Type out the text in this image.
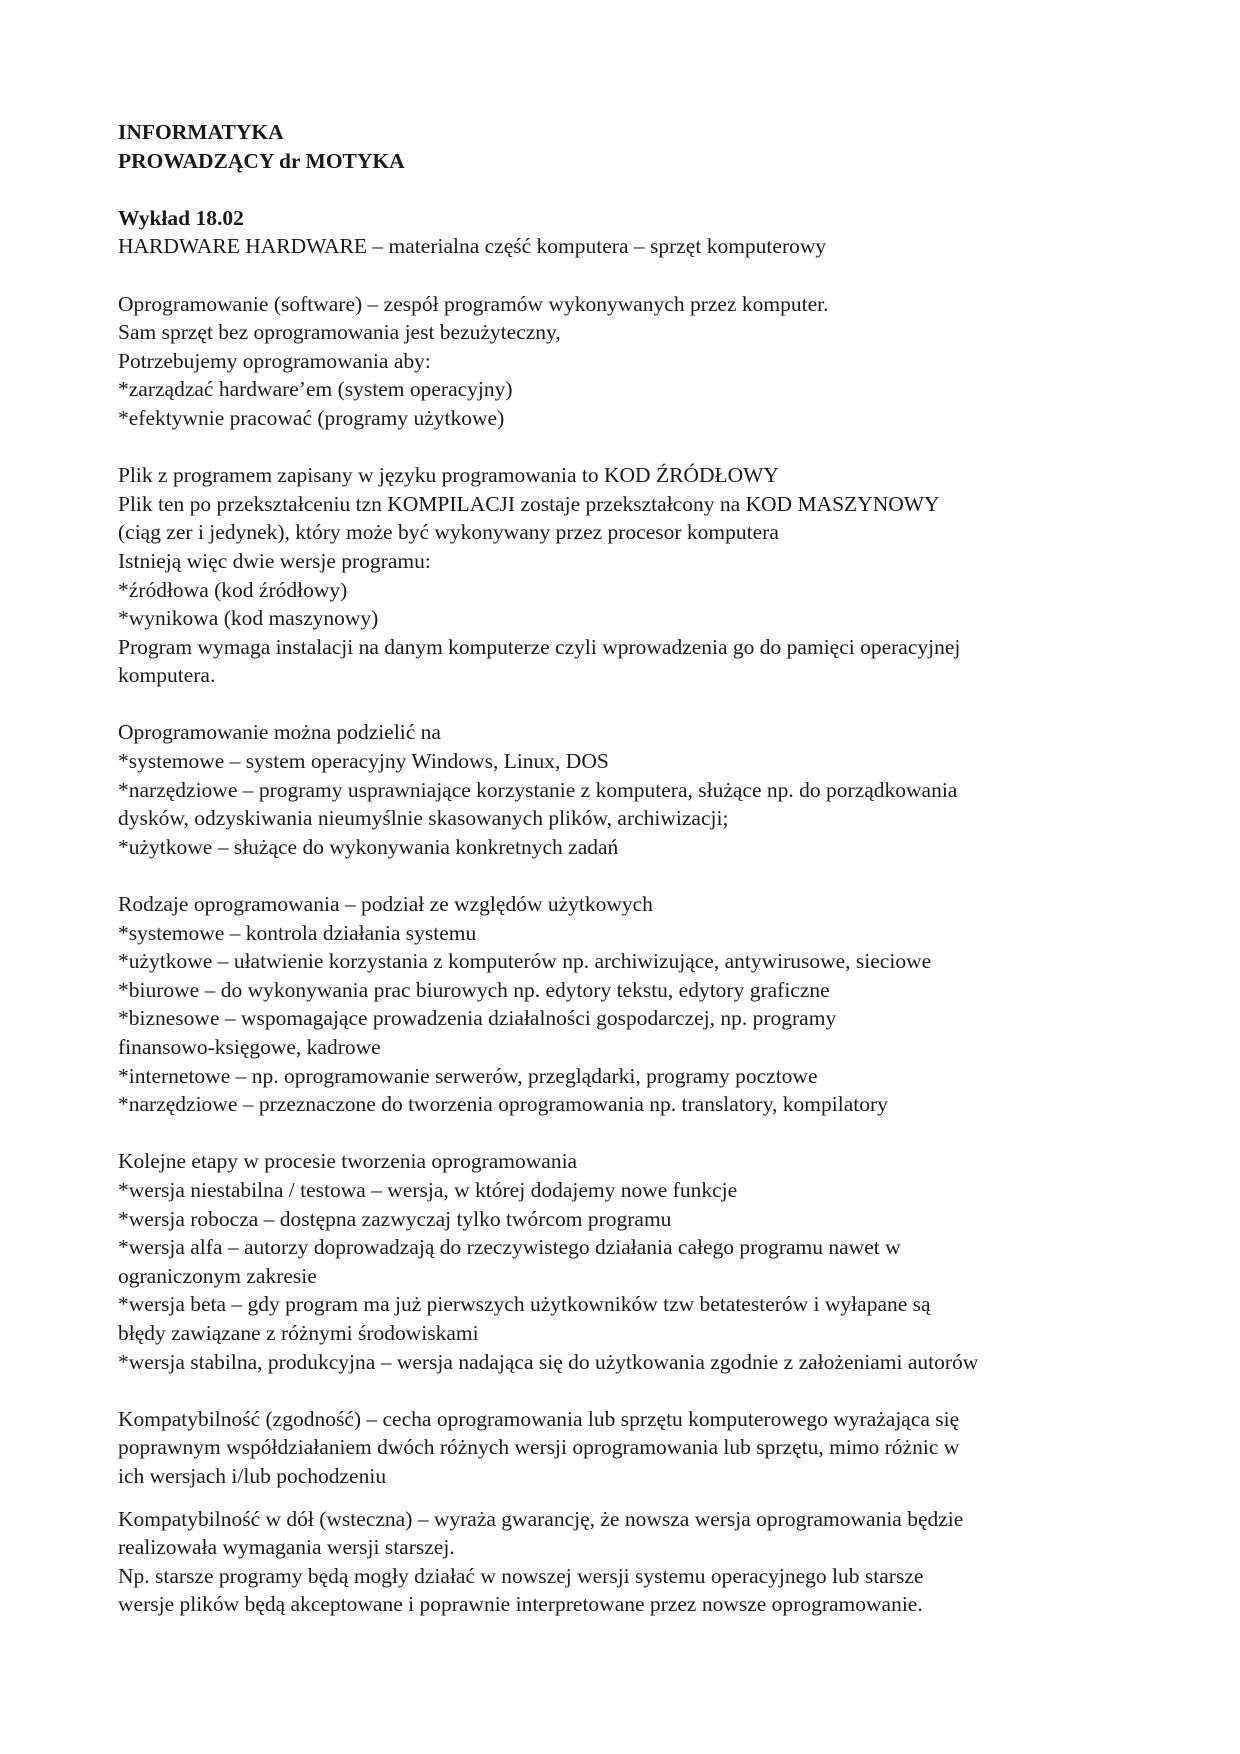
INFORMATYKA
PROWADZĄCY dr MOTYKA
Wykład 18.02
HARDWARE HARDWARE – materialna część komputera – sprzęt komputerowy
Oprogramowanie (software) – zespół programów wykonywanych przez komputer.
Sam sprzęt bez oprogramowania jest bezużyteczny,
Potrzebujemy oprogramowania aby:
*zarządzać hardware’em (system operacyjny)
*efektywnie pracować (programy użytkowe)
Plik z programem zapisany w języku programowania to KOD ŹRÓDŁOWY
Plik ten po przekształceniu tzn KOMPILACJI zostaje przekształcony na KOD MASZYNOWY
(ciąg zer i jedynek), który może być wykonywany przez procesor komputera
Istnieją więc dwie wersje programu:
*źródłowa (kod źródłowy)
*wynikowa (kod maszynowy)
Program wymaga instalacji na danym komputerze czyli wprowadzenia go do pamięci operacyjnej
komputera.
Oprogramowanie można podzielić na
*systemowe – system operacyjny Windows, Linux, DOS
*narzędziowe – programy usprawniające korzystanie z komputera, służące np. do porządkowania
dysków, odzyskiwania nieumyślnie skasowanych plików, archiwizacji;
*użytkowe – służące do wykonywania konkretnych zadań
Rodzaje oprogramowania – podział ze względów użytkowych
*systemowe – kontrola działania systemu
*użytkowe – ułatwienie korzystania z komputerów np. archiwizujące, antywirusowe, sieciowe
*biurowe – do wykonywania prac biurowych np. edytory tekstu, edytory graficzne
*biznesowe – wspomagające prowadzenia działalności gospodarczej, np. programy
finansowo-księgowe, kadrowe
*internetowe – np. oprogramowanie serwerów, przeglądarki, programy pocztowe
*narzędziowe – przeznaczone do tworzenia oprogramowania np. translatory, kompilatory
Kolejne etapy w procesie tworzenia oprogramowania
*wersja niestabilna / testowa – wersja, w której dodajemy nowe funkcje
*wersja robocza – dostępna zazwyczaj tylko twórcom programu
*wersja alfa – autorzy doprowadzają do rzeczywistego działania całego programu nawet w
ograniczonym zakresie
*wersja beta – gdy program ma już pierwszych użytkowników tzw betatesterów i wyłapane są
błędy zawiązane z różnymi środowiskami
*wersja stabilna, produkcyjna – wersja nadająca się do użytkowania zgodnie z założeniami autorów
Kompatybilność (zgodność) – cecha oprogramowania lub sprzętu komputerowego wyrażająca się
poprawnym współdziałaniem dwóch różnych wersji oprogramowania lub sprzętu, mimo różnic w
ich wersjach i/lub pochodzeniu
Kompatybilność w dół (wsteczna) – wyraża gwarancję, że nowsza wersja oprogramowania będzie
realizowała wymagania wersji starszej.
Np. starsze programy będą mogły działać w nowszej wersji systemu operacyjnego lub starsze
wersje plików będą akceptowane i poprawnie interpretowane przez nowsze oprogramowanie.
